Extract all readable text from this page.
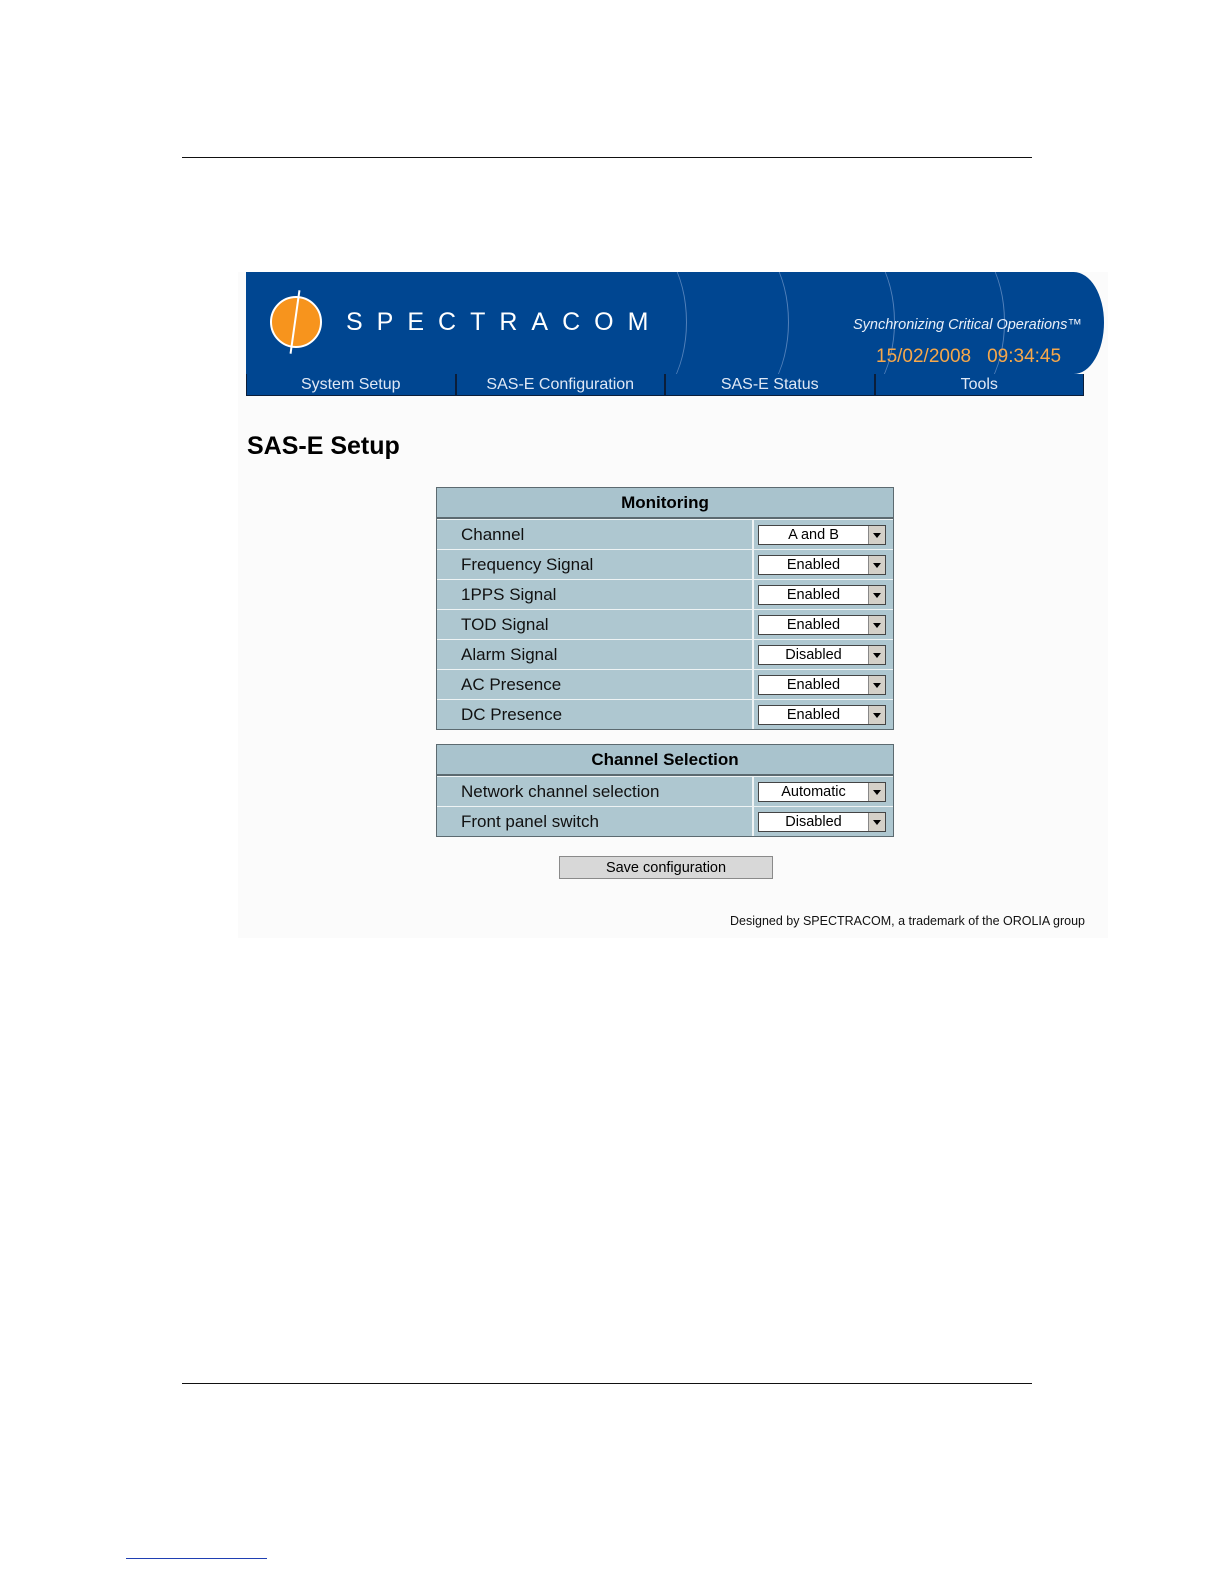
SPECTRACOM	Synchronizing Critical Operations™
15/02/2008 09:34:45
System Setup	SAS-E Configuration	SAS-E Status	Tools
SAS-E Setup
Monitoring
Channel	A and B
Frequency Signal	Enabled
1PPS Signal	Enabled
TOD Signal	Enabled
Alarm Signal	Disabled
AC Presence	Enabled
DC Presence	Enabled
Channel Selection
Network channel selection	Automatic
Front panel switch	Disabled
Save configuration
Designed by SPECTRACOM, a trademark of the OROLIA group
